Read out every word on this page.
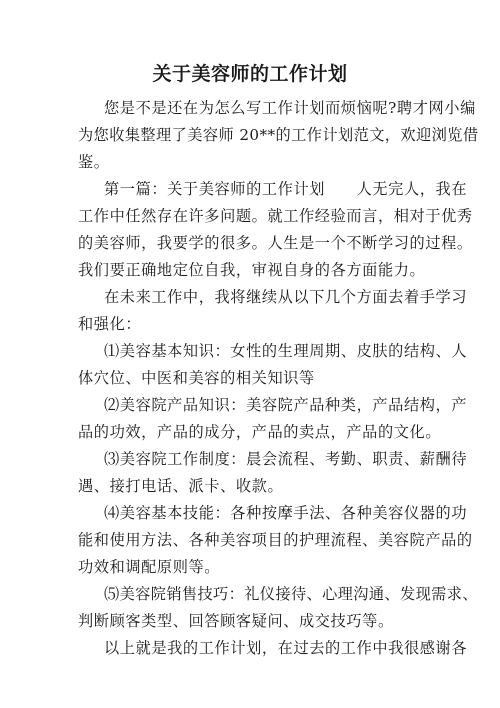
关于美容师的工作计划
您是不是还在为怎么写工作计划而烦恼呢?聘才网小编
为您收集整理了美容师 20**的工作计划范文，欢迎浏览借
鉴。
第一篇：关于美容师的工作计划　　人无完人，我在
工作中任然存在许多问题。就工作经验而言，相对于优秀
的美容师，我要学的很多。人生是一个不断学习的过程。
我们要正确地定位自我，审视自身的各方面能力。
在未来工作中，我将继续从以下几个方面去着手学习
和强化：
⑴美容基本知识：女性的生理周期、皮肤的结构、人
体穴位、中医和美容的相关知识等
⑵美容院产品知识：美容院产品种类，产品结构，产
品的功效，产品的成分，产品的卖点，产品的文化。
⑶美容院工作制度：晨会流程、考勤、职责、薪酬待
遇、接打电话、派卡、收款。
⑷美容基本技能：各种按摩手法、各种美容仪器的功
能和使用方法、各种美容项目的护理流程、美容院产品的
功效和调配原则等。
⑸美容院销售技巧：礼仪接待、心理沟通、发现需求、
判断顾客类型、回答顾客疑问、成交技巧等。
以上就是我的工作计划，在过去的工作中我很感谢各
